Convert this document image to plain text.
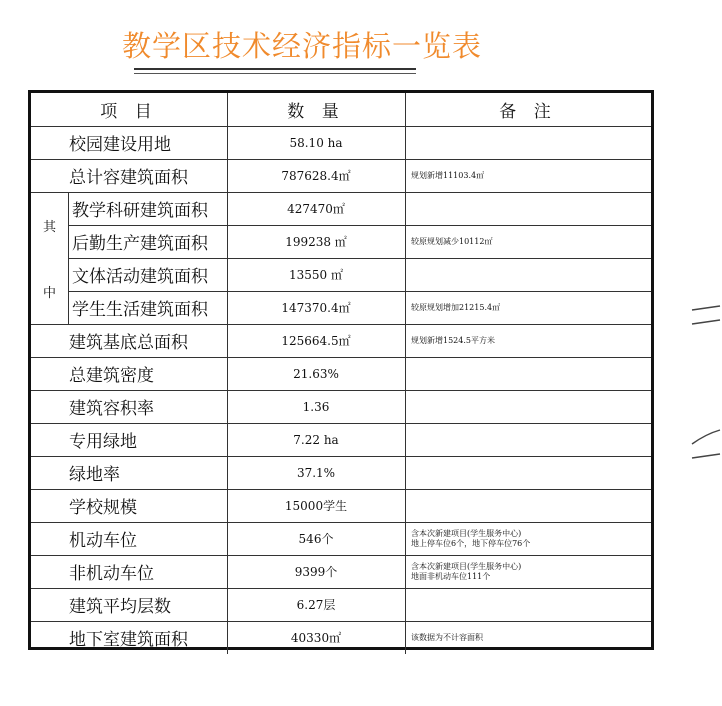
教学区技术经济指标一览表
项 目	数 量	备 注
其
中
校园建设用地	58.10 ha
总计容建筑面积	787628.4㎡	规划新增11103.4㎡
教学科研建筑面积	427470㎡
后勤生产建筑面积	199238 ㎡	较原规划减少10112㎡
文体活动建筑面积	13550 ㎡
学生生活建筑面积	147370.4㎡	较原规划增加21215.4㎡
建筑基底总面积	125664.5㎡	规划新增1524.5平方米
总建筑密度	21.63%
建筑容积率	1.36
专用绿地	7.22 ha
绿地率	37.1%
学校规模	15000学生
机动车位	546个	含本次新建项目(学生服务中心)
地上停车位6个，地下停车位76个
非机动车位	9399个	含本次新建项目(学生服务中心)
地面非机动车位111个
建筑平均层数	6.27层
地下室建筑面积	40330㎡	该数据为不计容面积
